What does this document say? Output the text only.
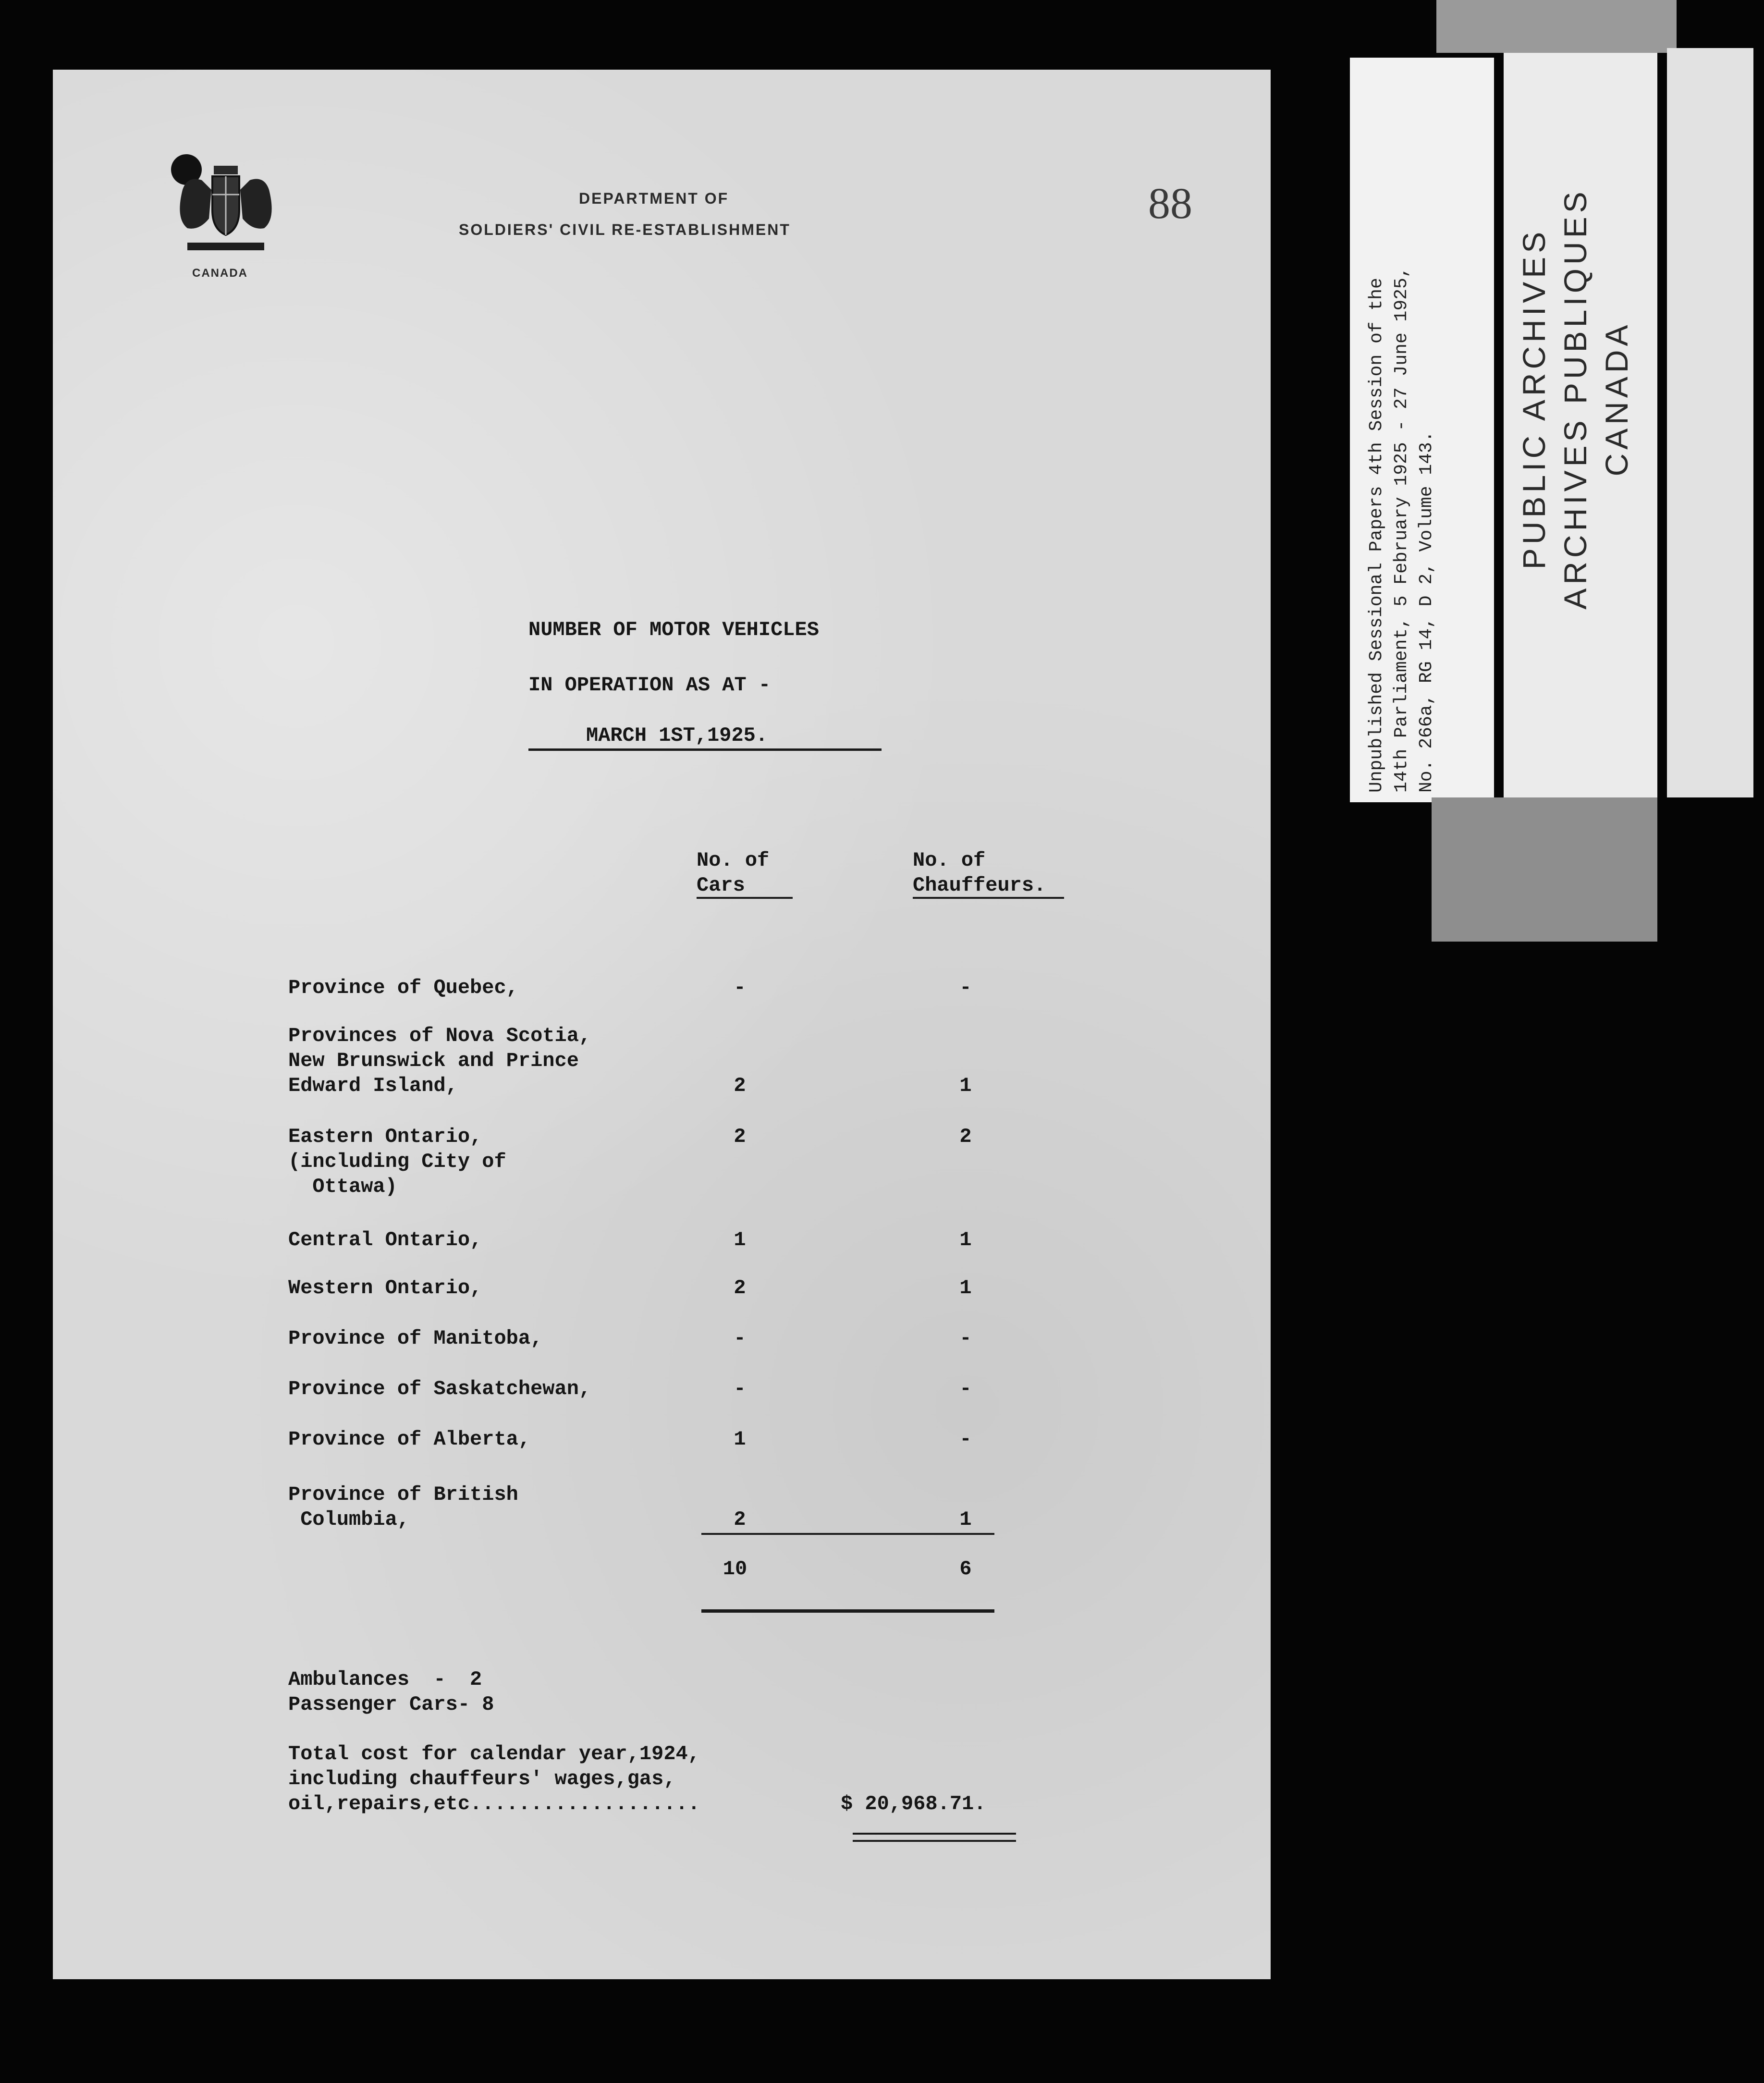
Unpublished Sessional Papers 4th Session of the
14th Parliament, 5 February 1925 - 27 June 1925,
No. 266a, RG 14, D 2, Volume 143.	PUBLIC ARCHIVES
ARCHIVES PUBLIQUES
CANADA
CANADA
DEPARTMENT OF
SOLDIERS' CIVIL RE-ESTABLISHMENT
88
NUMBER OF MOTOR VEHICLES
IN OPERATION AS AT -
MARCH 1ST,1925.
No. of
Cars
No. of
Chauffeurs.
Province of Quebec,	-	-
Provinces of Nova Scotia,
New Brunswick and Prince
Edward Island,	2	1
Eastern Ontario,
(including City of
Ottawa)
2	2
Central Ontario,	1	1
Western Ontario,	2	1
Province of Manitoba,	-	-
Province of Saskatchewan,	-	-
Province of Alberta,	1	-
Province of British
Columbia,	2	1
10	6
Ambulances  -  2
Passenger Cars- 8
Total cost for calendar year,1924,
including chauffeurs' wages,gas,
oil,repairs,etc...................	$ 20,968.71.
